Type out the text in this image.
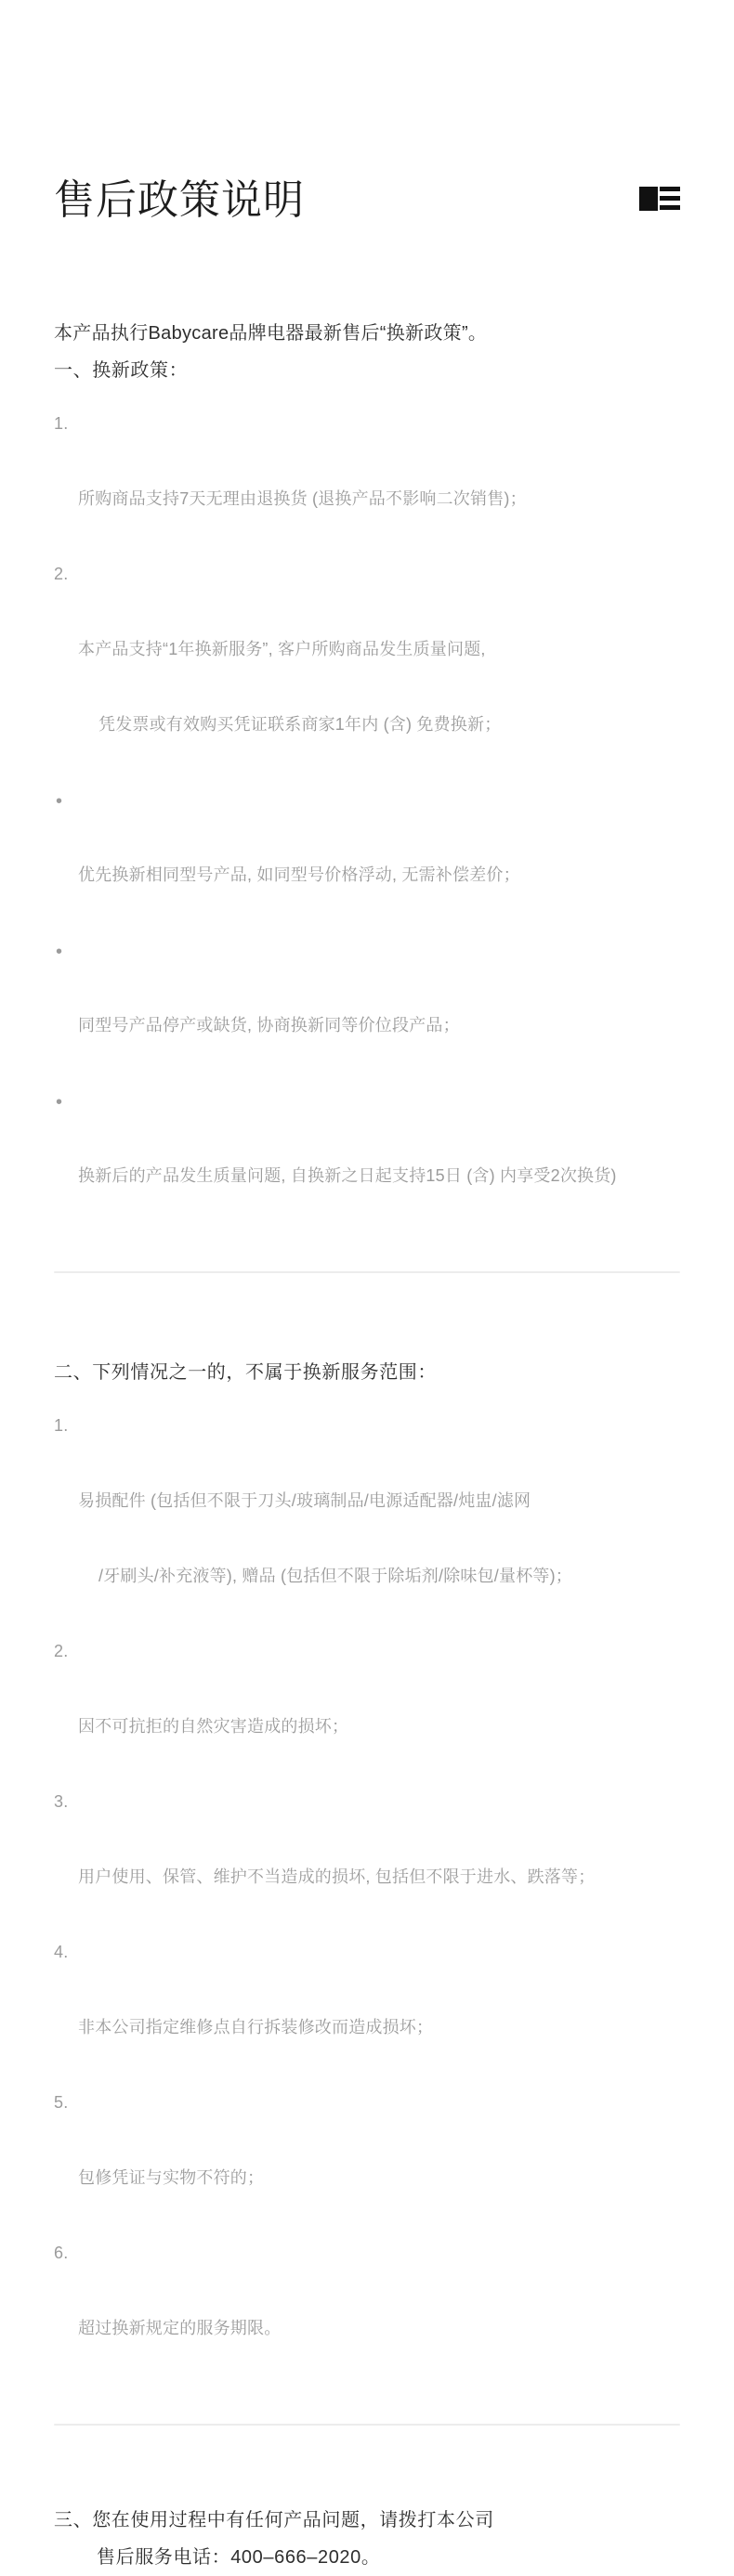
售后政策说明
本产品执行Babycare品牌电器最新售后“换新政策”。
一、换新政策：

1.

所购商品支持7天无理由退换货 (退换产品不影响二次销售)；

2.

本产品支持“1年换新服务”, 客户所购商品发生质量问题,

凭发票或有效购买凭证联系商家1年内 (含) 免费换新；

•

优先换新相同型号产品, 如同型号价格浮动, 无需补偿差价；

•

同型号产品停产或缺货, 协商换新同等价位段产品；

•

换新后的产品发生质量问题, 自换新之日起支持15日 (含) 内享受2次换货)

二、下列情况之一的，不属于换新服务范围：

1.

易损配件 (包括但不限于刀头/玻璃制品/电源适配器/炖盅/滤网

/牙刷头/补充液等), 赠品 (包括但不限于除垢剂/除味包/量杯等)；

2.

因不可抗拒的自然灾害造成的损坏；

3.

用户使用、保管、维护不当造成的损坏, 包括但不限于进水、跌落等；

4.

非本公司指定维修点自行拆装修改而造成损坏；

5.

包修凭证与实物不符的；

6.

超过换新规定的服务期限。

三、您在使用过程中有任何产品问题，请拨打本公司
售后服务电话：400–666–2020。
